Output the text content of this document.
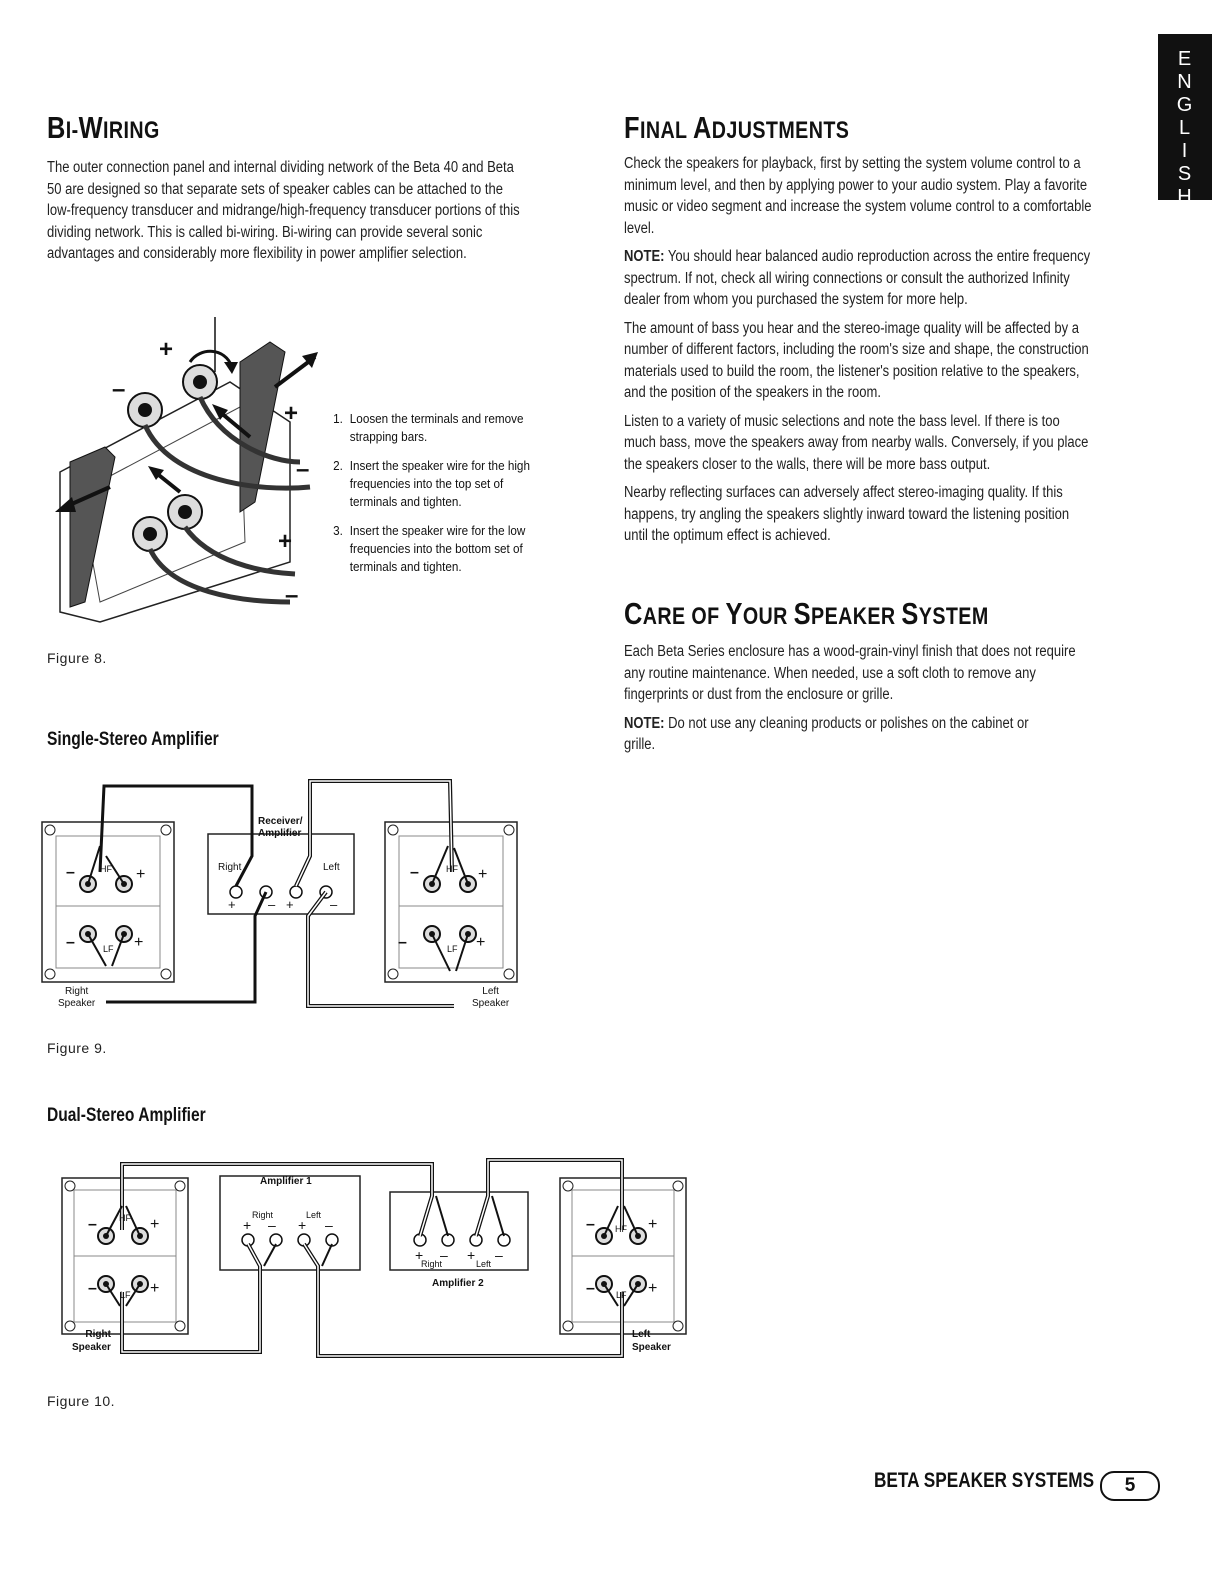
E
N
G
L
I
S
H
BI-WIRING

The outer connection panel and internal dividing network of the Beta 40 and Beta 50 are designed so that separate sets of speaker cables can be attached to the low-frequency transducer and midrange/high-frequency transducer portions of this dividing network. This is called bi-wiring. Bi-wiring can provide several sonic advantages and considerably more flexibility in power amplifier selection.

+
–
+
–
+
–
1. Loosen the terminals and remove strapping bars.
2. Insert the speaker wire for the high frequencies into the top set of terminals and tighten.
3. Insert the speaker wire for the low frequencies into the bottom set of terminals and tighten.
Figure 8.
Single-Stereo Amplifier
Receiver/
Amplifier
Right	Left
+ – +	–
–	HF +
–	LF +
–	HF +
–	LF +
Right
Speaker
Left
Speaker
Figure 9.
Dual-Stereo Amplifier
Amplifier 1
Right	Left
+ – + –
+ – + –
Right	Left
Amplifier 2
– HF +
–	LF +
– HF +
– LF +
Right
Speaker
Left
Speaker
Figure 10.
FINAL ADJUSTMENTS

Check the speakers for playback, first by setting the system volume control to a minimum level, and then by applying power to your audio system. Play a favorite music or video segment and increase the system volume control to a comfortable level.

NOTE: You should hear balanced audio reproduction across the entire frequency spectrum. If not, check all wiring connections or consult the authorized Infinity dealer from whom you purchased the system for more help.

The amount of bass you hear and the stereo-image quality will be affected by a number of different factors, including the room's size and shape, the construction materials used to build the room, the listener's position relative to the speakers, and the position of the speakers in the room.

Listen to a variety of music selections and note the bass level. If there is too much bass, move the speakers away from nearby walls. Conversely, if you place the speakers closer to the walls, there will be more bass output.

Nearby reflecting surfaces can adversely affect stereo-imaging quality. If this happens, try angling the speakers slightly inward toward the listening position until the optimum effect is achieved.

CARE OF YOUR SPEAKER SYSTEM

Each Beta Series enclosure has a wood-grain-vinyl finish that does not require any routine maintenance. When needed, use a soft cloth to remove any fingerprints or dust from the enclosure or grille.

NOTE: Do not use any cleaning products or polishes on the cabinet or grille.

BETA SPEAKER SYSTEMS	5
